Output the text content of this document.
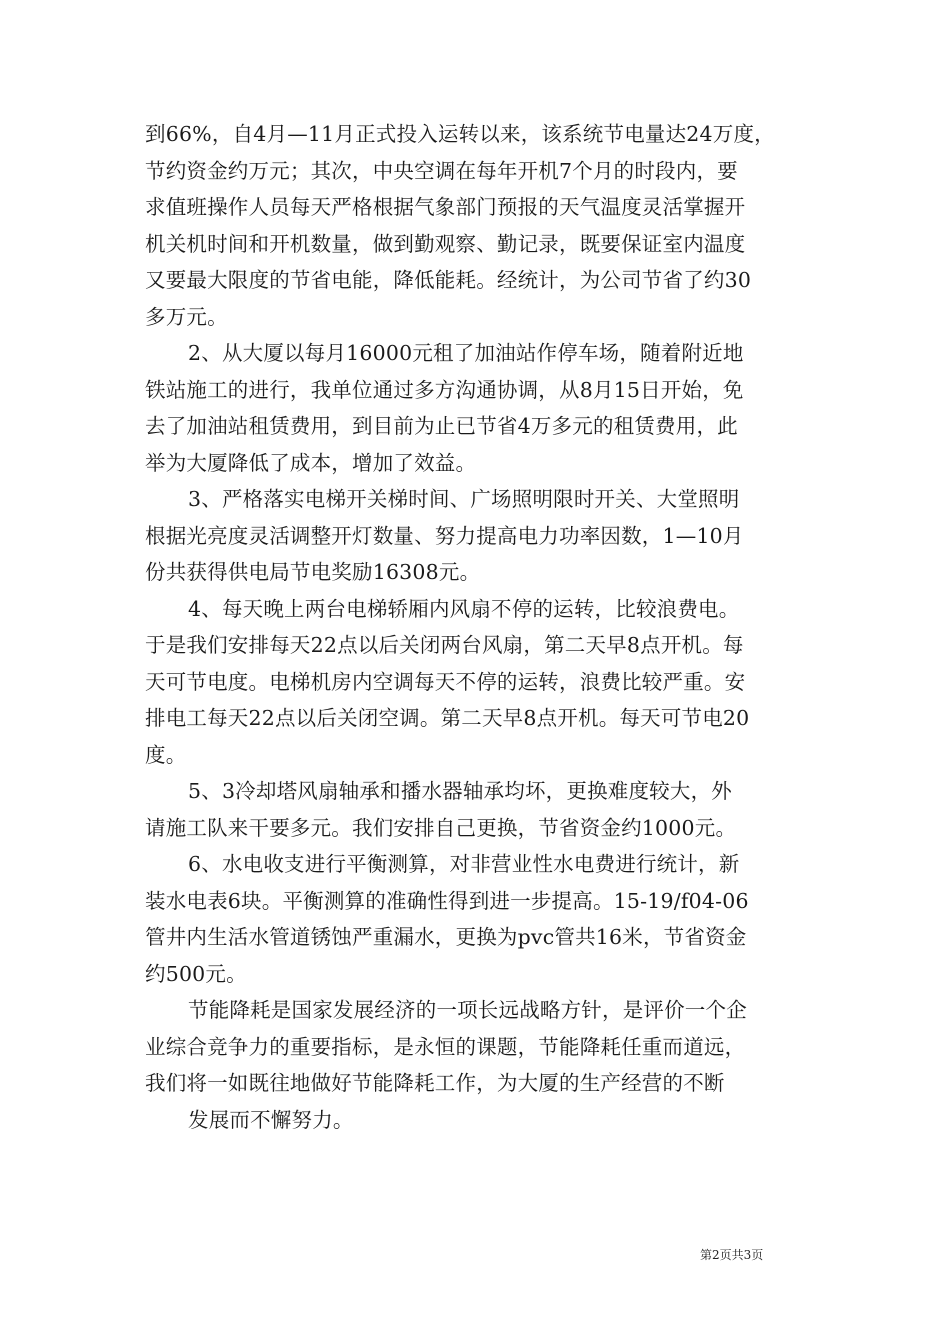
到66%，自4月—11月正式投入运转以来，该系统节电量达24万度，
节约资金约万元；其次，中央空调在每年开机7个月的时段内，要
求值班操作人员每天严格根据气象部门预报的天气温度灵活掌握开
机关机时间和开机数量，做到勤观察、勤记录，既要保证室内温度
又要最大限度的节省电能，降低能耗。经统计，为公司节省了约30
多万元。
2、从大厦以每月16000元租了加油站作停车场，随着附近地
铁站施工的进行，我单位通过多方沟通协调，从8月15日开始，免
去了加油站租赁费用，到目前为止已节省4万多元的租赁费用，此
举为大厦降低了成本，增加了效益。
3、严格落实电梯开关梯时间、广场照明限时开关、大堂照明
根据光亮度灵活调整开灯数量、努力提高电力功率因数，1—10月
份共获得供电局节电奖励16308元。
4、每天晚上两台电梯轿厢内风扇不停的运转，比较浪费电。
于是我们安排每天22点以后关闭两台风扇，第二天早8点开机。每
天可节电度。电梯机房内空调每天不停的运转，浪费比较严重。安
排电工每天22点以后关闭空调。第二天早8点开机。每天可节电20
度。
5、3冷却塔风扇轴承和播水器轴承均坏，更换难度较大，外
请施工队来干要多元。我们安排自己更换，节省资金约1000元。
6、水电收支进行平衡测算，对非营业性水电费进行统计，新
装水电表6块。平衡测算的准确性得到进一步提高。15-19/f04-06
管井内生活水管道锈蚀严重漏水，更换为pvc管共16米，节省资金
约500元。
节能降耗是国家发展经济的一项长远战略方针，是评价一个企
业综合竞争力的重要指标，是永恒的课题，节能降耗任重而道远，
我们将一如既往地做好节能降耗工作，为大厦的生产经营的不断
发展而不懈努力。
第2页共3页
